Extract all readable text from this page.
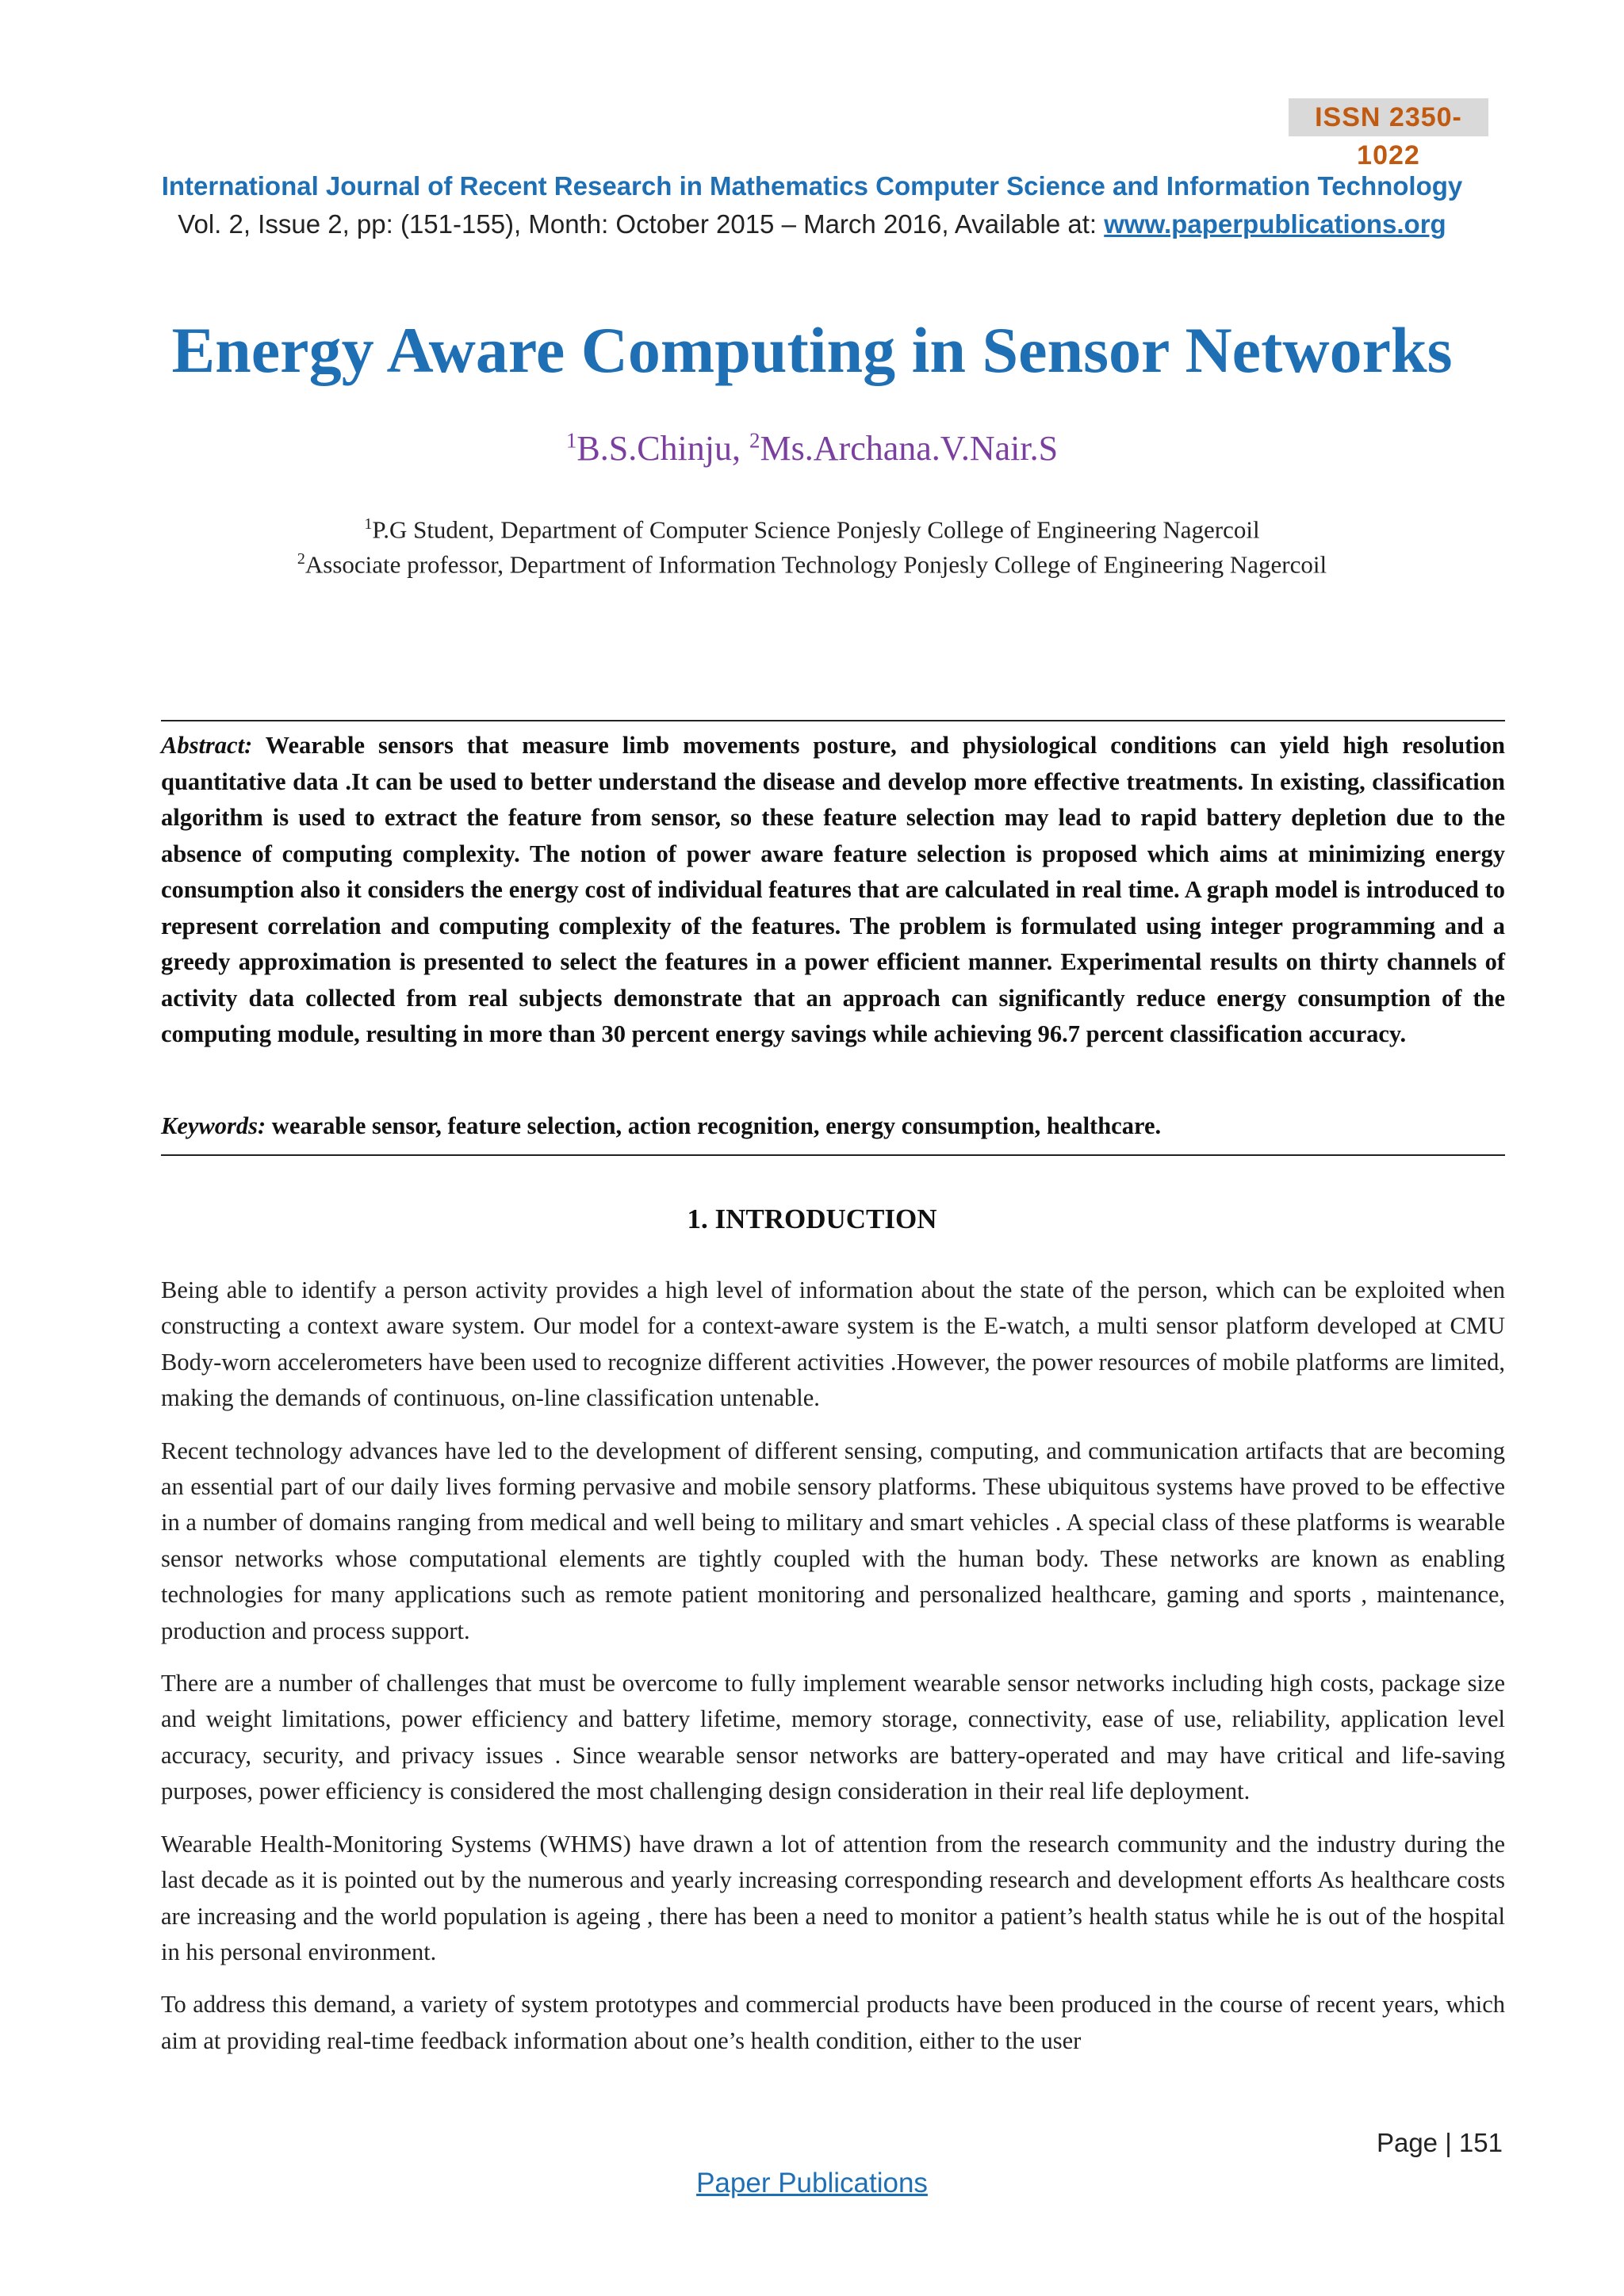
ISSN 2350-1022
International Journal of Recent Research in Mathematics Computer Science and Information Technology
Vol. 2, Issue 2, pp: (151-155), Month: October 2015 – March 2016, Available at: www.paperpublications.org
Energy Aware Computing in Sensor Networks
$^1$B.S.Chinju, $^2$Ms.Archana.V.Nair.S
$^1$P.G Student, Department of Computer Science Ponjesly College of Engineering Nagercoil
$^2$Associate professor, Department of Information Technology Ponjesly College of Engineering Nagercoil
Abstract: Wearable sensors that measure limb movements posture, and physiological conditions can yield high resolution quantitative data .It can be used to better understand the disease and develop more effective treatments. In existing, classification algorithm is used to extract the feature from sensor, so these feature selection may lead to rapid battery depletion due to the absence of computing complexity. The notion of power aware feature selection is proposed which aims at minimizing energy consumption also it considers the energy cost of individual features that are calculated in real time. A graph model is introduced to represent correlation and computing complexity of the features. The problem is formulated using integer programming and a greedy approximation is presented to select the features in a power efficient manner. Experimental results on thirty channels of activity data collected from real subjects demonstrate that an approach can significantly reduce energy consumption of the computing module, resulting in more than 30 percent energy savings while achieving 96.7 percent classification accuracy.
Keywords: wearable sensor, feature selection, action recognition, energy consumption, healthcare.
1. INTRODUCTION

Being able to identify a person activity provides a high level of information about the state of the person, which can be exploited when constructing a context aware system. Our model for a context-aware system is the E-watch, a multi sensor platform developed at CMU Body-worn accelerometers have been used to recognize different activities .However, the power resources of mobile platforms are limited, making the demands of continuous, on-line classification untenable.

Recent technology advances have led to the development of different sensing, computing, and communication artifacts that are becoming an essential part of our daily lives forming pervasive and mobile sensory platforms. These ubiquitous systems have proved to be effective in a number of domains ranging from medical and well being to military and smart vehicles . A special class of these platforms is wearable sensor networks whose computational elements are tightly coupled with the human body. These networks are known as enabling technologies for many applications such as remote patient monitoring and personalized healthcare, gaming and sports , maintenance, production and process support.

There are a number of challenges that must be overcome to fully implement wearable sensor networks including high costs, package size and weight limitations, power efficiency and battery lifetime, memory storage, connectivity, ease of use, reliability, application level accuracy, security, and privacy issues . Since wearable sensor networks are battery-operated and may have critical and life-saving purposes, power efficiency is considered the most challenging design consideration in their real life deployment.

Wearable Health-Monitoring Systems (WHMS) have drawn a lot of attention from the research community and the industry during the last decade as it is pointed out by the numerous and yearly increasing corresponding research and development efforts As healthcare costs are increasing and the world population is ageing , there has been a need to monitor a patient’s health status while he is out of the hospital in his personal environment.

To address this demand, a variety of system prototypes and commercial products have been produced in the course of recent years, which aim at providing real-time feedback information about one’s health condition, either to the user

Page | 151
Paper Publications
